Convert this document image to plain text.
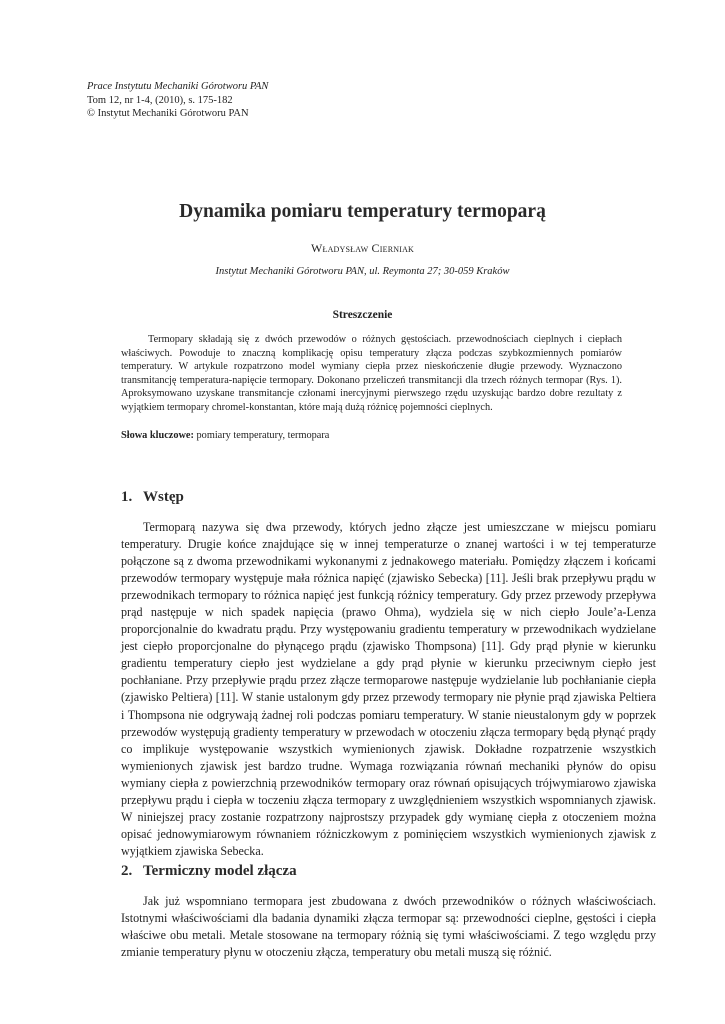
Prace Instytutu Mechaniki Górotworu PAN
Tom 12, nr 1-4, (2010), s. 175-182
© Instytut Mechaniki Górotworu PAN
Dynamika pomiaru temperatury termoparą
Władysław Cierniak
Instytut Mechaniki Górotworu PAN, ul. Reymonta 27; 30-059 Kraków
Streszczenie
Termopary składają się z dwóch przewodów o różnych gęstościach. przewodnościach cieplnych i ciepłach właściwych. Powoduje to znaczną komplikację opisu temperatury złącza podczas szybkozmiennych pomiarów temperatury. W artykule rozpatrzono model wymiany ciepła przez nieskończenie długie przewody. Wyznaczono transmitancję temperatura-napięcie termopary. Dokonano przeliczeń transmitancji dla trzech różnych termopar (Rys. 1). Aproksymowano uzyskane transmitancje członami inercyjnymi pierwszego rzędu uzyskując bardzo dobre rezultaty z wyjątkiem termopary chromel-konstantan, które mają dużą różnicę pojemności cieplnych.
Słowa kluczowe: pomiary temperatury, termopara
1. Wstęp
Termoparą nazywa się dwa przewody, których jedno złącze jest umieszczane w miejscu pomiaru temperatury. Drugie końce znajdujące się w innej temperaturze o znanej wartości i w tej temperaturze połączone są z dwoma przewodnikami wykonanymi z jednakowego materiału. Pomiędzy złączem i końcami przewodów termopary występuje mała różnica napięć (zjawisko Sebecka) [11]. Jeśli brak przepływu prądu w przewodnikach termopary to różnica napięć jest funkcją różnicy temperatury. Gdy przez przewody przepływa prąd następuje w nich spadek napięcia (prawo Ohma), wydziela się w nich ciepło Joule’a-Lenza proporcjonalnie do kwadratu prądu. Przy występowaniu gradientu temperatury w przewodnikach wydzielane jest ciepło proporcjonalne do płynącego prądu (zjawisko Thompsona) [11]. Gdy prąd płynie w kierunku gradientu temperatury ciepło jest wydzielane a gdy prąd płynie w kierunku przeciwnym ciepło jest pochłaniane. Przy przepływie prądu przez złącze termoparowe następuje wydzielanie lub pochłanianie ciepła (zjawisko Peltiera) [11]. W stanie ustalonym gdy przez przewody termopary nie płynie prąd zjawiska Peltiera i Thompsona nie odgrywają żadnej roli podczas pomiaru temperatury. W stanie nieustalonym gdy w poprzek przewodów występują gradienty temperatury w przewodach w otoczeniu złącza termopary będą płynąć prądy co implikuje występowanie wszystkich wymienionych zjawisk. Dokładne rozpatrzenie wszystkich wymienionych zjawisk jest bardzo trudne. Wymaga rozwiązania równań mechaniki płynów do opisu wymiany ciepła z powierzchnią przewodników termopary oraz równań opisujących trójwymiarowo zjawiska przepływu prądu i ciepła w toczeniu złącza termopary z uwzględnieniem wszystkich wspomnianych zjawisk. W niniejszej pracy zostanie rozpatrzony najprostszy przypadek gdy wymianę ciepła z otoczeniem można opisać jednowymiarowym równaniem różniczkowym z pominięciem wszystkich wymienionych zjawisk z wyjątkiem zjawiska Sebecka.
2. Termiczny model złącza
Jak już wspomniano termopara jest zbudowana z dwóch przewodników o różnych właściwościach. Istotnymi właściwościami dla badania dynamiki złącza termopar są: przewodności cieplne, gęstości i ciepła właściwe obu metali. Metale stosowane na termopary różnią się tymi właściwościami. Z tego względu przy zmianie temperatury płynu w otoczeniu złącza, temperatury obu metali muszą się różnić.
